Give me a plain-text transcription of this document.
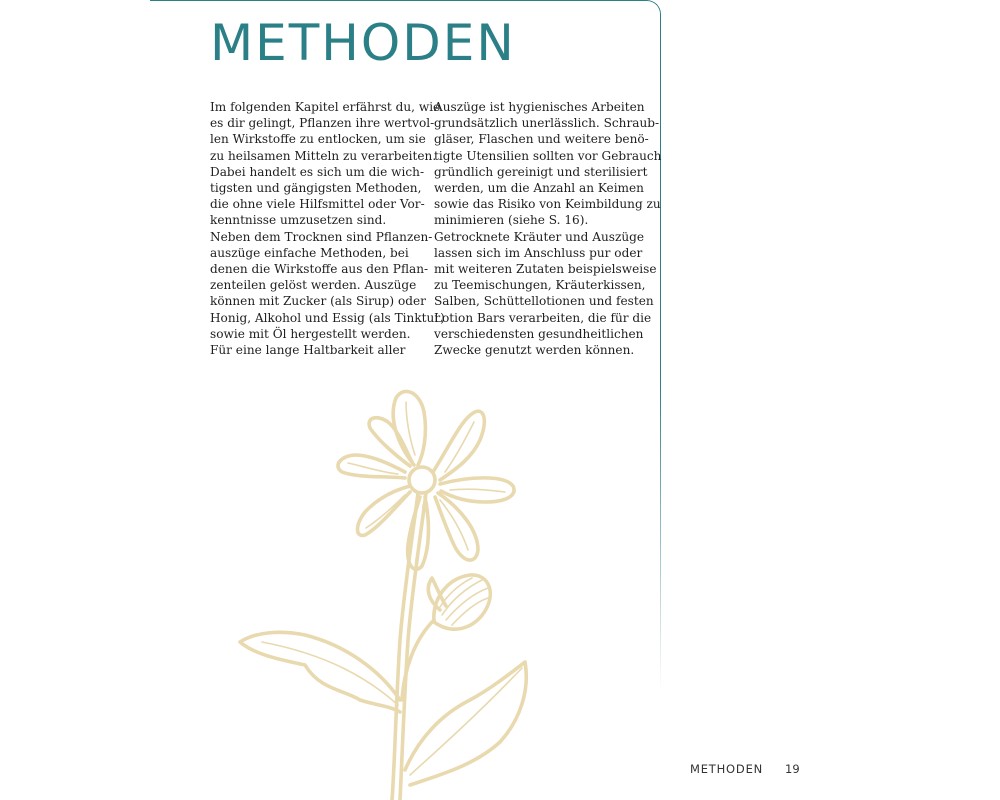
METHODEN
Im folgenden Kapitel erfährst du, wie
es dir gelingt, Pflanzen ihre wertvol-
len Wirkstoffe zu entlocken, um sie
zu heilsamen Mitteln zu verarbeiten.
Dabei handelt es sich um die wich-
tigsten und gängigsten Methoden,
die ohne viele Hilfsmittel oder Vor-
kenntnisse umzusetzen sind.
Neben dem Trocknen sind Pflanzen-
auszüge einfache Methoden, bei
denen die Wirkstoffe aus den Pflan-
zenteilen gelöst werden. Auszüge
können mit Zucker (als Sirup) oder
Honig, Alkohol und Essig (als Tinktur)
sowie mit Öl hergestellt werden.
Für eine lange Haltbarkeit aller
Auszüge ist hygienisches Arbeiten
grundsätzlich unerlässlich. Schraub-
gläser, Flaschen und weitere benö-
tigte Utensilien sollten vor Gebrauch
gründlich gereinigt und sterilisiert
werden, um die Anzahl an Keimen
sowie das Risiko von Keimbildung zu
minimieren (siehe S. 16).
Getrocknete Kräuter und Auszüge
lassen sich im Anschluss pur oder
mit weiteren Zutaten beispielsweise
zu Teemischungen, Kräuterkissen,
Salben, Schüttellotionen und festen
Lotion Bars verarbeiten, die für die
verschiedensten gesundheitlichen
Zwecke genutzt werden können.
METHODEN 19
